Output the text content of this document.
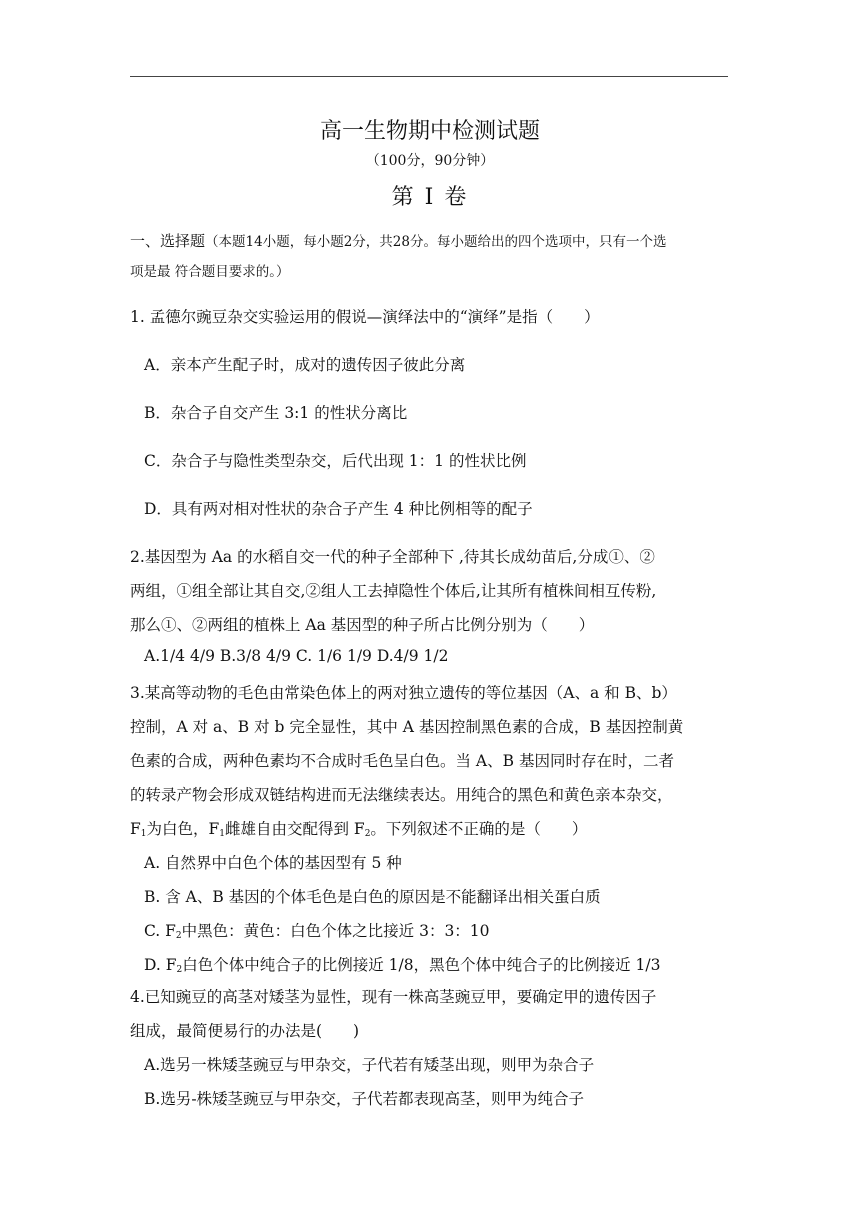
高一生物期中检测试题
（100分，90分钟）
第 I 卷
一、选择题（本题14小题，每小题2分，共28分。每小题给出的四个选项中，只有一个选
项是最 符合题目要求的。）
1. 孟德尔豌豆杂交实验运用的假说—演绎法中的“演绎”是指（　　）
A．亲本产生配子时，成对的遗传因子彼此分离
B．杂合子自交产生 3:1 的性状分离比
C．杂合子与隐性类型杂交，后代出现 1：1 的性状比例
D．具有两对相对性状的杂合子产生 4 种比例相等的配子
2.基因型为 Aa 的水稻自交一代的种子全部种下 ,待其长成幼苗后,分成①、②
两组，①组全部让其自交,②组人工去掉隐性个体后,让其所有植株间相互传粉,
那么①、②两组的植株上 Aa 基因型的种子所占比例分别为（　　）
A.1/4 4/9 B.3/8 4/9 C. 1/6 1/9 D.4/9 1/2
3.某高等动物的毛色由常染色体上的两对独立遗传的等位基因（A、a 和 B、b）
控制，A 对 a、B 对 b 完全显性，其中 A 基因控制黑色素的合成，B 基因控制黄
色素的合成，两种色素均不合成时毛色呈白色。当 A、B 基因同时存在时，二者
的转录产物会形成双链结构进而无法继续表达。用纯合的黑色和黄色亲本杂交，
$F_1$为白色，$F_1$雌雄自由交配得到 $F_2$。下列叙述不正确的是（　　）
A. 自然界中白色个体的基因型有 5 种
B. 含 A、B 基因的个体毛色是白色的原因是不能翻译出相关蛋白质
C. $F_2$中黑色：黄色：白色个体之比接近 3：3：10
D. $F_2$白色个体中纯合子的比例接近 1/8，黑色个体中纯合子的比例接近 1/3
4.已知豌豆的高茎对矮茎为显性，现有一株高茎豌豆甲，要确定甲的遗传因子
组成，最简便易行的办法是(　　)
A.选另一株矮茎豌豆与甲杂交，子代若有矮茎出现，则甲为杂合子
B.选另-株矮茎豌豆与甲杂交，子代若都表现高茎，则甲为纯合子
